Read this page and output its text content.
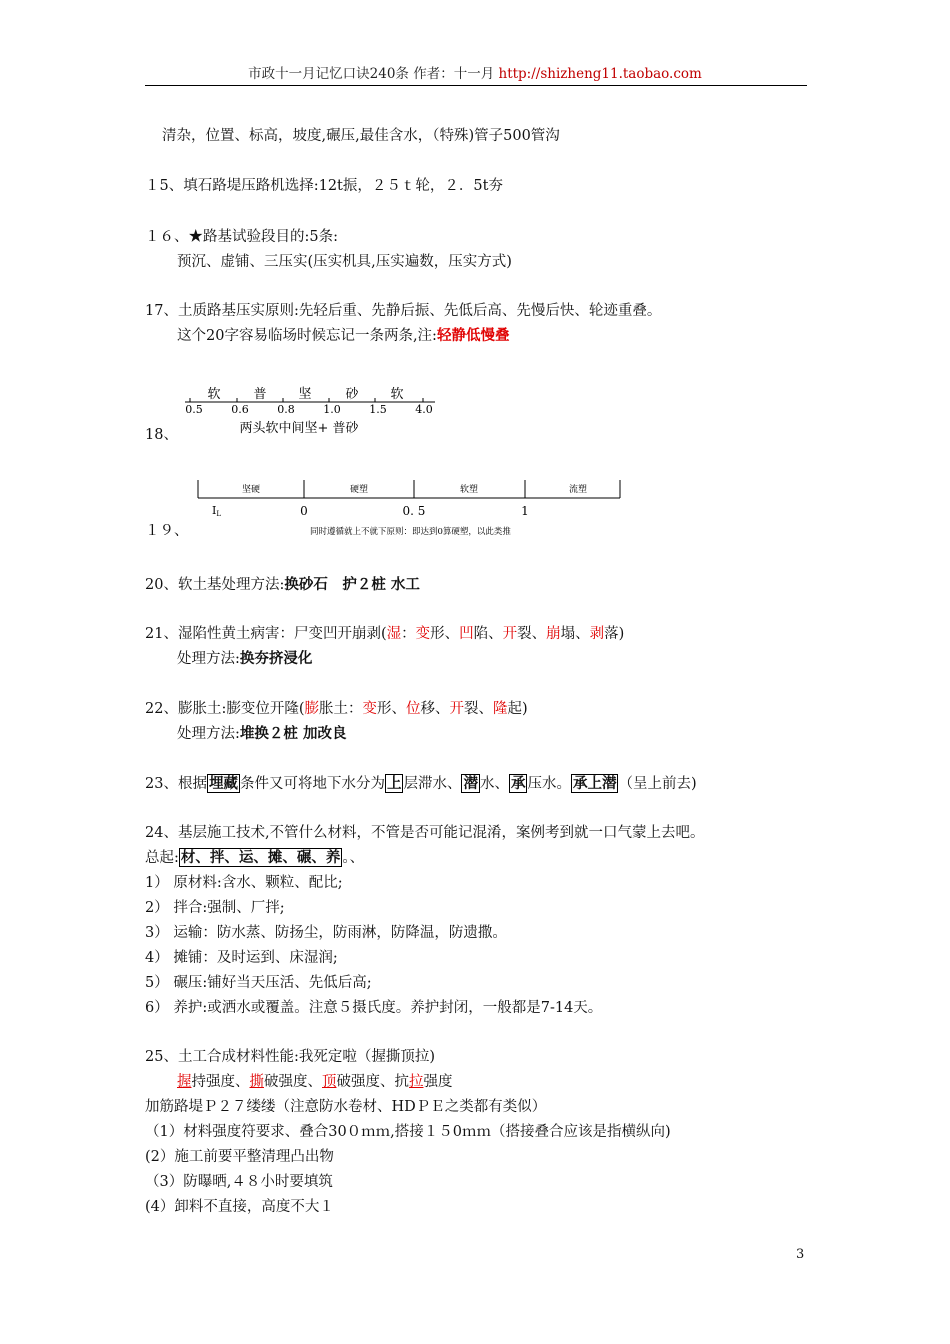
市政十一月记忆口诀240条 作者：十一月 http://shizheng11.taobao.com
清杂，位置、标高，坡度,碾压,最佳含水，（特殊)管子500管沟
１5、填石路堤压路机选择:12t振，２５ｔ轮，２．5t夯
１６、★路基试验段目的:5条:
预沉、虚铺、三压实(压实机具,压实遍数，压实方式)
17、土质路基压实原则:先轻后重、先静后振、先低后高、先慢后快、轮迹重叠。
这个20字容易临场时候忘记一条两条,注:轻静低慢叠
18、
软	普 坚	砂 软
0.5	0.6	0.8	1.0	1.5	4.0
两头软中间坚+ 普砂
１９、
坚硬	硬塑	软塑	流塑
IL	0	0. 5	1
同时遵循就上不就下原则：即达到0算硬塑，以此类推
20、软土基处理方法:换砂石　护２桩 水工
21、湿陷性黄土病害：尸变凹开崩剥(湿：变形、凹陷、开裂、崩塌、剥落)
处理方法:换夯挤浸化
22、膨胀土:膨变位开隆(膨胀土：变形、位移、开裂、隆起)
处理方法:堆换２桩 加改良
23、根据 埋藏 条件又可将地下水分为 上 层滞水、 潜 水、 承 压水。 承上潜 （呈上前去)
24、基层施工技术,不管什么材料，不管是否可能记混淆，案例考到就一口气蒙上去吧。
总起: 材、拌、运、摊、碾、养 。、
1） 原材料:含水、颗粒、配比;
2） 拌合:强制、厂拌;
3） 运输：防水蒸、防扬尘，防雨淋，防降温，防遗撒。
4） 摊铺：及时运到、床湿润;
5） 碾压:铺好当天压活、先低后高;
6） 养护:或洒水或覆盖。注意５摄氏度。养护封闭，一般都是7-14天。
25、土工合成材料性能:我死定啦（握撕顶拉)
握持强度、撕破强度、顶破强度、抗拉强度
加筋路堤Ｐ２７缕缕（注意防水卷材、HDＰＥ之类都有类似）
（1）材料强度符要求、叠合30０ｍｍ,搭接１５0ｍｍ（搭接叠合应该是指横纵向)
(2）施工前要平整清理凸出物
（3）防曝晒,４８小时要填筑
(4）卸料不直接，高度不大１
3
